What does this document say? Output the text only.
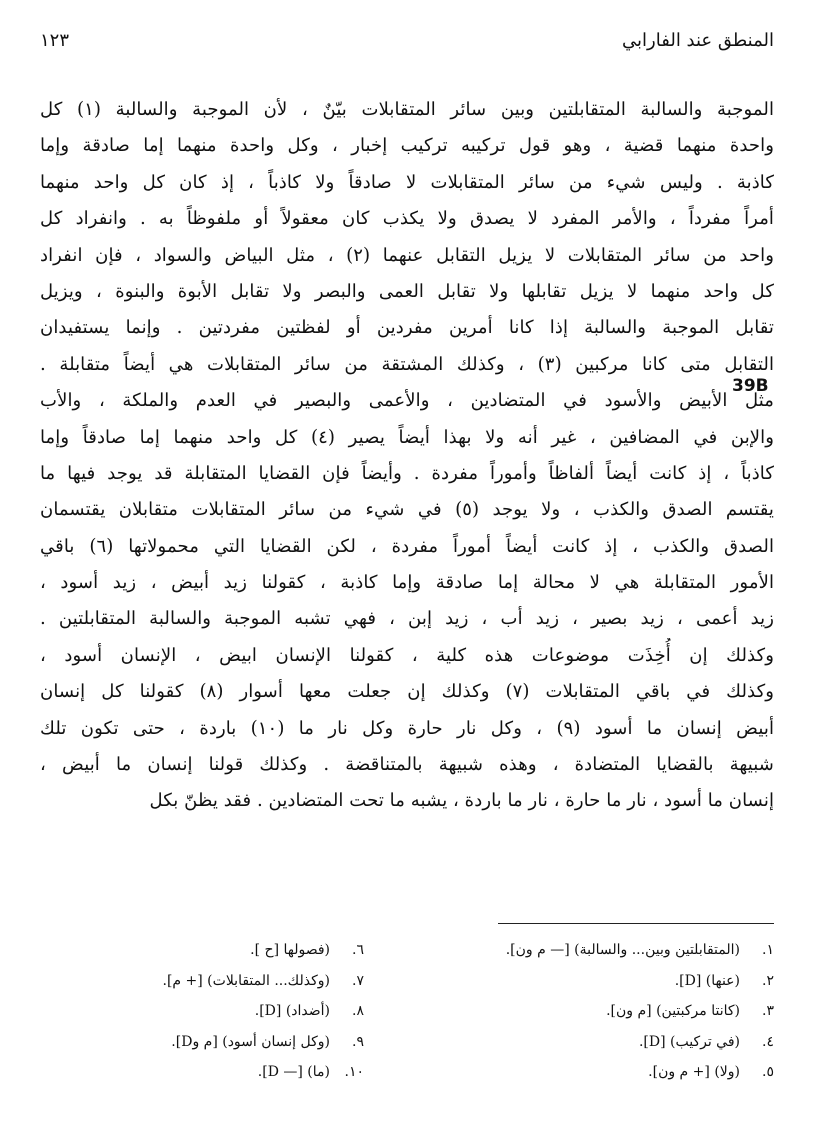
المنطق عند الفارابي
١٢٣
39B
الموجبة والسالبة المتقابلتين وبين سائر المتقابلات بيّنٌ ، لأن الموجبة والسالبة (١) كل
واحدة منهما قضية ، وهو قول تركيبه تركيب إخبار ، وكل واحدة منهما إما صادقة وإما
كاذبة . وليس شيء من سائر المتقابلات لا صادقاً ولا كاذباً ، إذ كان كل واحد منهما
أمراً مفرداً ، والأمر المفرد لا يصدق ولا يكذب كان معقولاً أو ملفوظاً به . وانفراد كل
واحد من سائر المتقابلات لا يزيل التقابل عنهما (٢) ، مثل البياض والسواد ، فإن انفراد
كل واحد منهما لا يزيل تقابلها ولا تقابل العمى والبصر ولا تقابل الأبوة والبنوة ، ويزيل
تقابل الموجبة والسالبة إذا كانا أمرين مفردين أو لفظتين مفردتين . وإنما يستفيدان
التقابل متى كانا مركبين (٣) ، وكذلك المشتقة من سائر المتقابلات هي أيضاً متقابلة .
مثل الأبيض والأسود في المتضادين ، والأعمى والبصير في العدم والملكة ، والأب
والإبن في المضافين ، غير أنه ولا بهذا أيضاً يصير (٤) كل واحد منهما إما صادقاً وإما
كاذباً ، إذ كانت أيضاً ألفاظاً وأموراً مفردة . وأيضاً فإن القضايا المتقابلة قد يوجد فيها ما
يقتسم الصدق والكذب ، ولا يوجد (٥) في شيء من سائر المتقابلات متقابلان يقتسمان
الصدق والكذب ، إذ كانت أيضاً أموراً مفردة ، لكن القضايا التي محمولاتها (٦) باقي
الأمور المتقابلة هي لا محالة إما صادقة وإما كاذبة ، كقولنا زيد أبيض ، زيد أسود ،
زيد أعمى ، زيد بصير ، زيد أب ، زيد إبن ، فهي تشبه الموجبة والسالبة المتقابلتين .
وكذلك إن أُخِذَت موضوعات هذه كلية ، كقولنا الإنسان ابيض ، الإنسان أسود ،
وكذلك في باقي المتقابلات (٧) وكذلك إن جعلت معها أسوار (٨) كقولنا كل إنسان
أبيض إنسان ما أسود (٩) ، وكل نار حارة وكل نار ما (١٠) باردة ، حتى تكون تلك
شبيهة بالقضايا المتضادة ، وهذه شبيهة بالمتناقضة . وكذلك قولنا إنسان ما أبيض ،
إنسان ما أسود ، نار ما حارة ، نار ما باردة ، يشبه ما تحت المتضادين . فقد يظنّ بكل
١.(المتقابلتين وبين... والسالبة) [— م ون].
٢.(عنها) [D].
٣.(كانتا مركبتين) [م ون].
٤.(في تركيب) [D].
٥.(ولا) [+ م ون].
٦.(فصولها [ح ].
٧.(وكذلك... المتقابلات) [+ م].
٨.(أضداد) [D].
٩.(وكل إنسان أسود) [م وD].
١٠.(ما) [— D].
